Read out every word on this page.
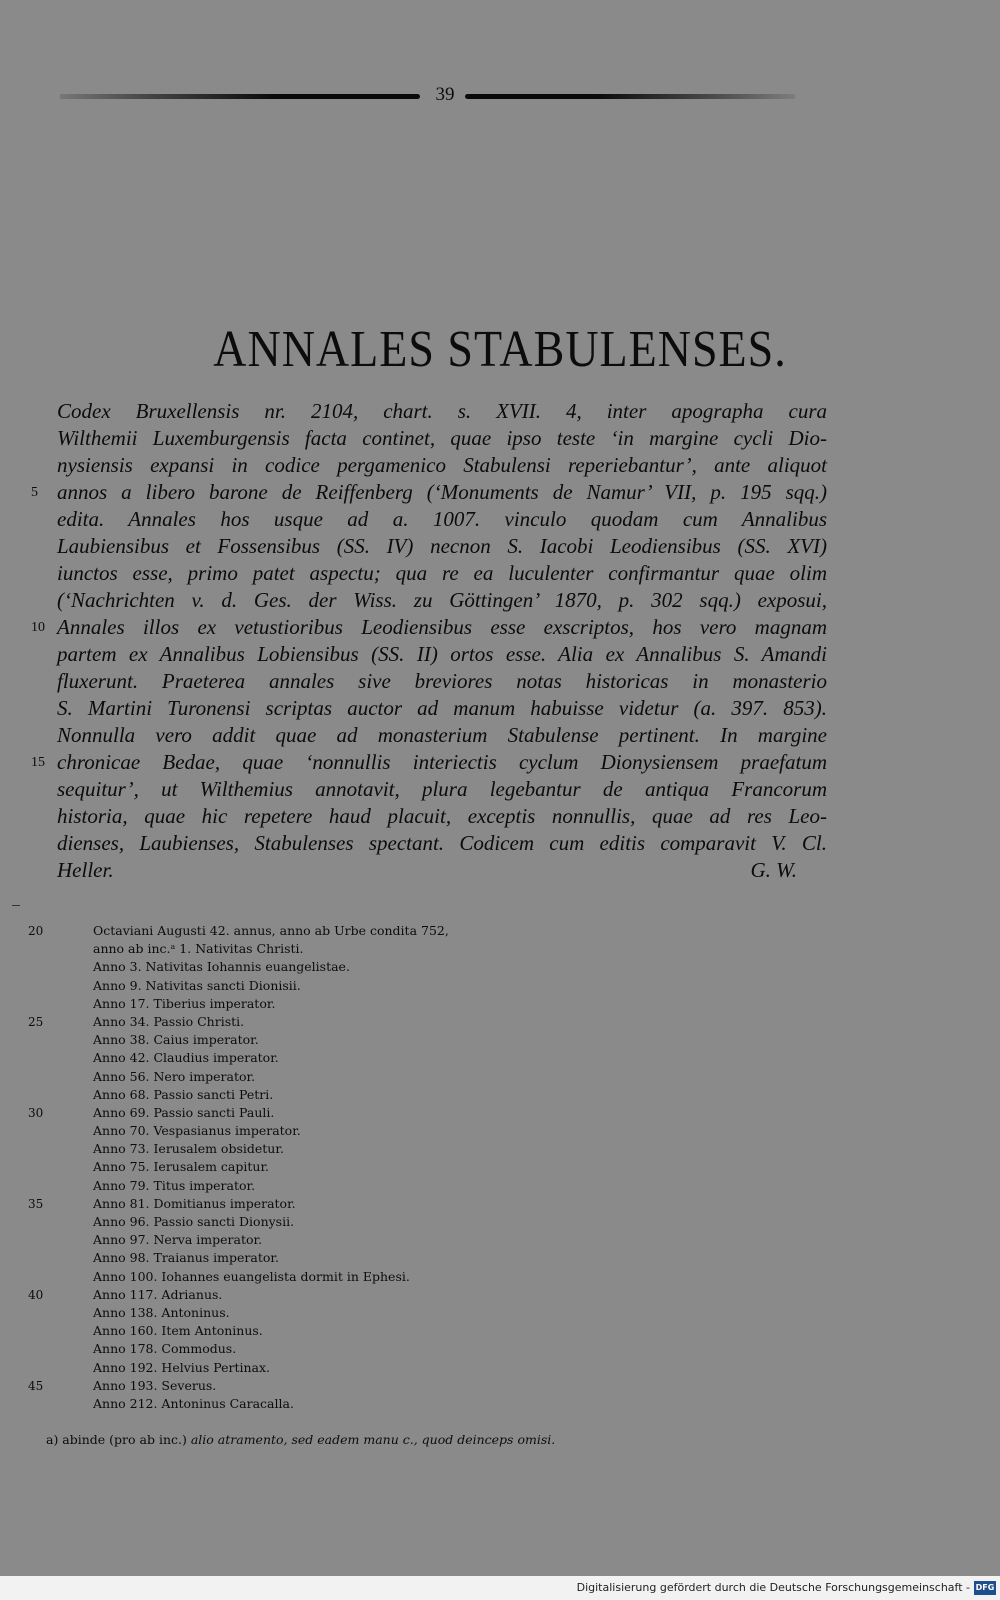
39
ANNALES STABULENSES.
Codex Bruxellensis nr. 2104, chart. s. XVII. 4, inter apographa cura
Wilthemii Luxemburgensis facta continet, quae ipso teste ‘in margine cycli Dio-
nysiensis expansi in codice pergamenico Stabulensi reperiebantur’, ante aliquot
5 annos a libero barone de Reiffenberg (‘Monuments de Namur’ VII, p. 195 sqq.)
edita. Annales hos usque ad a. 1007. vinculo quodam cum Annalibus
Laubiensibus et Fossensibus (SS. IV) necnon S. Iacobi Leodiensibus (SS. XVI)
iunctos esse, primo patet aspectu; qua re ea luculenter confirmantur quae olim
(‘Nachrichten v. d. Ges. der Wiss. zu Göttingen’ 1870, p. 302 sqq.) exposui,
10 Annales illos ex vetustioribus Leodiensibus esse exscriptos, hos vero magnam
partem ex Annalibus Lobiensibus (SS. II) ortos esse. Alia ex Annalibus S. Amandi
fluxerunt. Praeterea annales sive breviores notas historicas in monasterio
S. Martini Turonensi scriptas auctor ad manum habuisse videtur (a. 397. 853).
Nonnulla vero addit quae ad monasterium Stabulense pertinent. In margine
15 chronicae Bedae, quae ‘nonnullis interiectis cyclum Dionysiensem praefatum
sequitur’, ut Wilthemius annotavit, plura legebantur de antiqua Francorum
historia, quae hic repetere haud placuit, exceptis nonnullis, quae ad res Leo-
dienses, Laubienses, Stabulenses spectant. Codicem cum editis comparavit V. Cl.
Heller.	G. W.
20	Octaviani Augusti 42. annus, anno ab Urbe condita 752,
anno ab inc.ᵃ 1. Nativitas Christi.
Anno 3. Nativitas Iohannis euangelistae.
Anno 9. Nativitas sancti Dionisii.
Anno 17. Tiberius imperator.
25	Anno 34. Passio Christi.
Anno 38. Caius imperator.
Anno 42. Claudius imperator.
Anno 56. Nero imperator.
Anno 68. Passio sancti Petri.
30	Anno 69. Passio sancti Pauli.
Anno 70. Vespasianus imperator.
Anno 73. Ierusalem obsidetur.
Anno 75. Ierusalem capitur.
Anno 79. Titus imperator.
35	Anno 81. Domitianus imperator.
Anno 96. Passio sancti Dionysii.
Anno 97. Nerva imperator.
Anno 98. Traianus imperator.
Anno 100. Iohannes euangelista dormit in Ephesi.
40	Anno 117. Adrianus.
Anno 138. Antoninus.
Anno 160. Item Antoninus.
Anno 178. Commodus.
Anno 192. Helvius Pertinax.
45	Anno 193. Severus.
Anno 212. Antoninus Caracalla.
a) abinde (pro ab inc.) alio atramento, sed eadem manu c., quod deinceps omisi.
Digitalisierung gefördert durch die Deutsche Forschungsgemeinschaft - DFG
